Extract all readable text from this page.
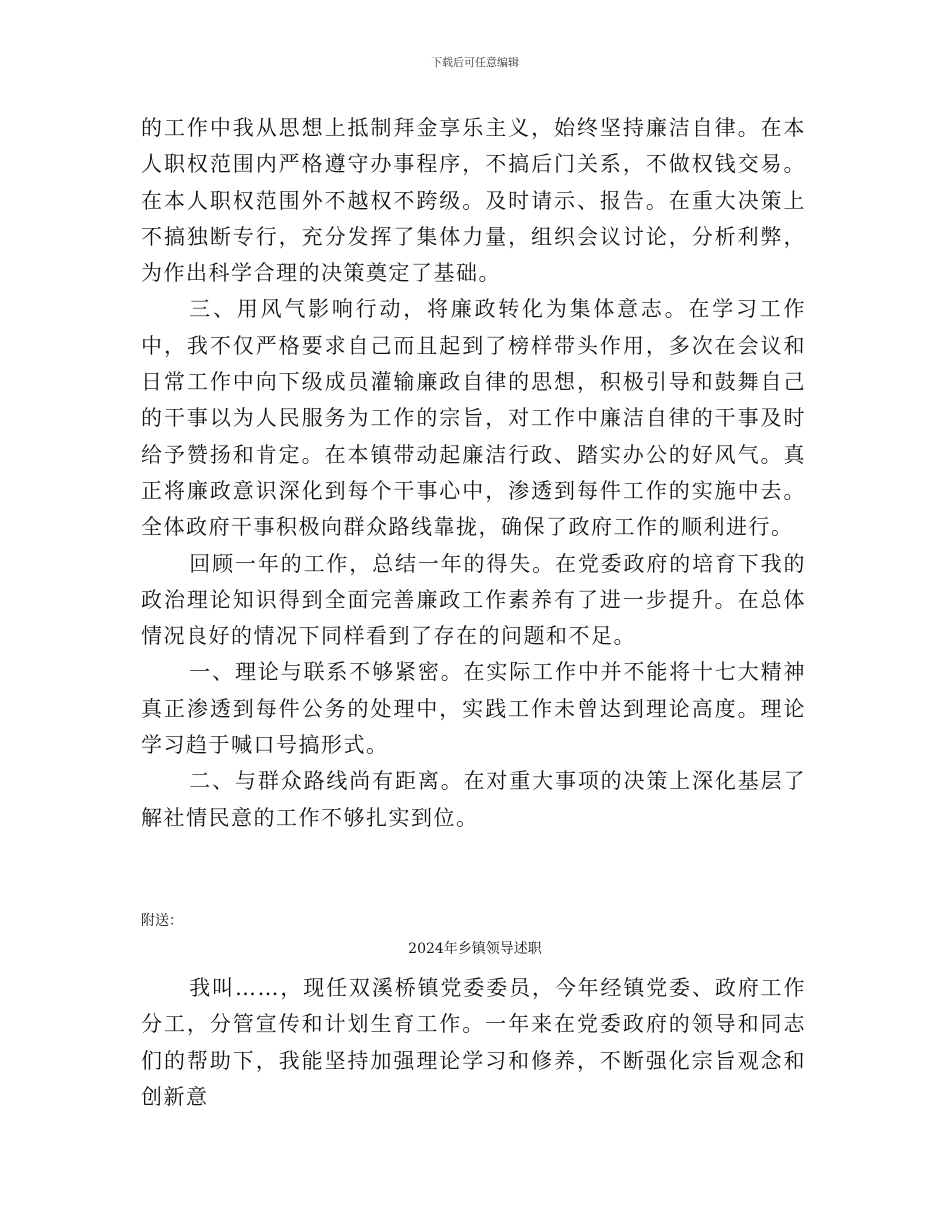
下载后可任意编辑

的工作中我从思想上抵制拜金享乐主义，始终坚持廉洁自律。在本人职权范围内严格遵守办事程序，不搞后门关系，不做权钱交易。在本人职权范围外不越权不跨级。及时请示、报告。在重大决策上不搞独断专行，充分发挥了集体力量，组织会议讨论，分析利弊，为作出科学合理的决策奠定了基础。

三、用风气影响行动，将廉政转化为集体意志。在学习工作中，我不仅严格要求自己而且起到了榜样带头作用，多次在会议和日常工作中向下级成员灌输廉政自律的思想，积极引导和鼓舞自己的干事以为人民服务为工作的宗旨，对工作中廉洁自律的干事及时给予赞扬和肯定。在本镇带动起廉洁行政、踏实办公的好风气。真正将廉政意识深化到每个干事心中，渗透到每件工作的实施中去。全体政府干事积极向群众路线靠拢，确保了政府工作的顺利进行。

回顾一年的工作，总结一年的得失。在党委政府的培育下我的政治理论知识得到全面完善廉政工作素养有了进一步提升。在总体情况良好的情况下同样看到了存在的问题和不足。

一、理论与联系不够紧密。在实际工作中并不能将十七大精神真正渗透到每件公务的处理中，实践工作未曾达到理论高度。理论学习趋于喊口号搞形式。

二、与群众路线尚有距离。在对重大事项的决策上深化基层了解社情民意的工作不够扎实到位。

附送：
2024年乡镇领导述职

我叫……，现任双溪桥镇党委委员，今年经镇党委、政府工作分工，分管宣传和计划生育工作。一年来在党委政府的领导和同志们的帮助下，我能坚持加强理论学习和修养，不断强化宗旨观念和创新意
